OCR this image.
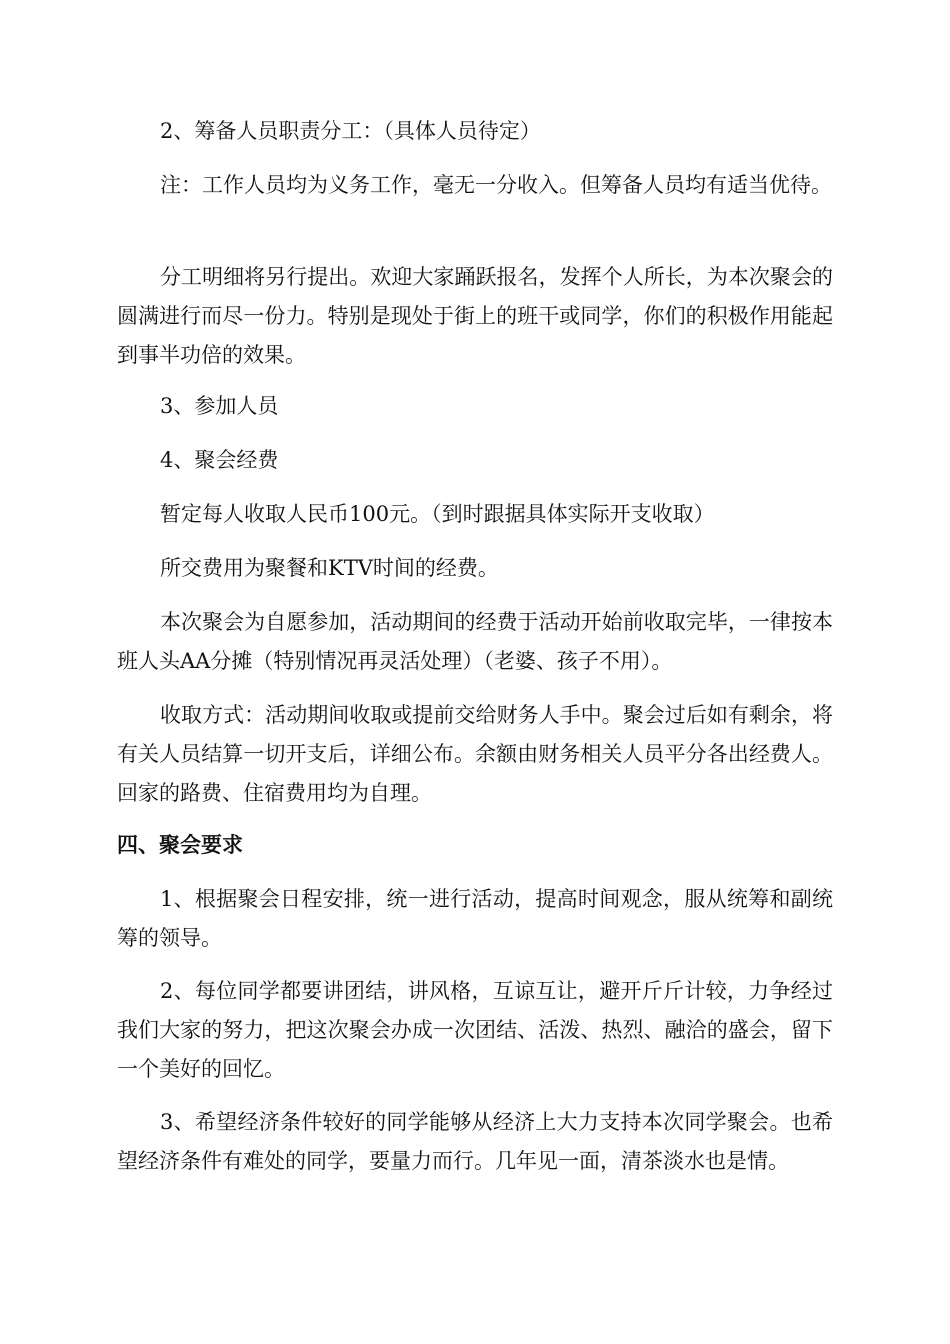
2、筹备人员职责分工：（具体人员待定）

注：工作人员均为义务工作，毫无一分收入。但筹备人员均有适当优待。

分工明细将另行提出。欢迎大家踊跃报名，发挥个人所长，为本次聚会的圆满进行而尽一份力。特别是现处于街上的班干或同学，你们的积极作用能起到事半功倍的效果。

3、参加人员

4、聚会经费

暂定每人收取人民币100元。（到时跟据具体实际开支收取）

所交费用为聚餐和KTV时间的经费。

本次聚会为自愿参加，活动期间的经费于活动开始前收取完毕，一律按本班人头AA分摊（特别情况再灵活处理）（老婆、孩子不用）。

收取方式：活动期间收取或提前交给财务人手中。聚会过后如有剩余，将有关人员结算一切开支后，详细公布。余额由财务相关人员平分各出经费人。回家的路费、住宿费用均为自理。

四、聚会要求

1、根据聚会日程安排，统一进行活动，提高时间观念，服从统筹和副统筹的领导。

2、每位同学都要讲团结，讲风格，互谅互让，避开斤斤计较，力争经过我们大家的努力，把这次聚会办成一次团结、活泼、热烈、融洽的盛会，留下一个美好的回忆。

3、希望经济条件较好的同学能够从经济上大力支持本次同学聚会。也希望经济条件有难处的同学，要量力而行。几年见一面，清茶淡水也是情。
